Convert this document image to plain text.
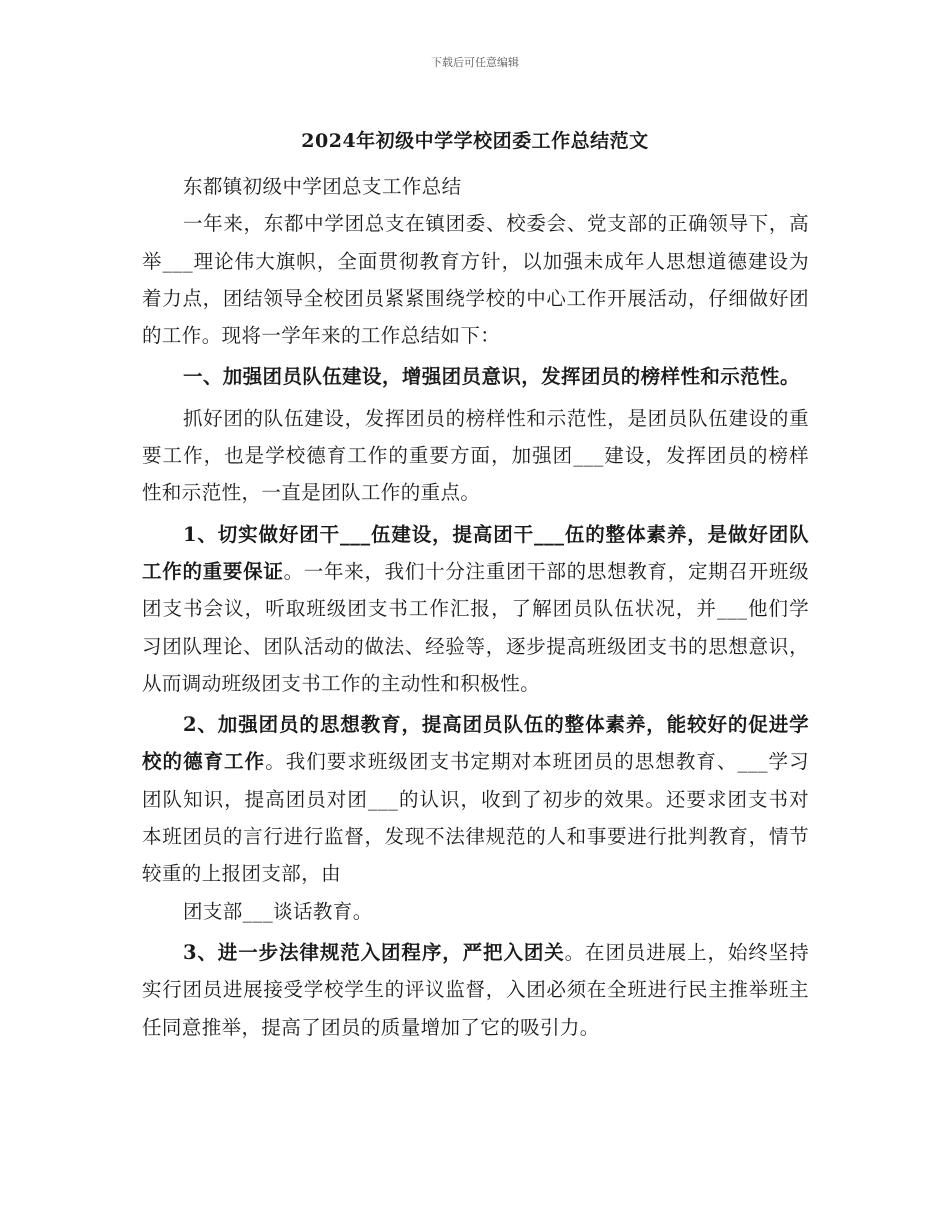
下载后可任意编辑
2024年初级中学学校团委工作总结范文

东都镇初级中学团总支工作总结

一年来，东都中学团总支在镇团委、校委会、党支部的正确领导下，高举___理论伟大旗帜，全面贯彻教育方针，以加强未成年人思想道德建设为着力点，团结领导全校团员紧紧围绕学校的中心工作开展活动，仔细做好团的工作。现将一学年来的工作总结如下：

一、加强团员队伍建设，增强团员意识，发挥团员的榜样性和示范性。

抓好团的队伍建设，发挥团员的榜样性和示范性，是团员队伍建设的重要工作，也是学校德育工作的重要方面，加强团___建设，发挥团员的榜样性和示范性，一直是团队工作的重点。

1、切实做好团干___伍建设，提高团干___伍的整体素养，是做好团队工作的重要保证。一年来，我们十分注重团干部的思想教育，定期召开班级团支书会议，听取班级团支书工作汇报，了解团员队伍状况，并___他们学习团队理论、团队活动的做法、经验等，逐步提高班级团支书的思想意识，从而调动班级团支书工作的主动性和积极性。

2、加强团员的思想教育，提高团员队伍的整体素养，能较好的促进学校的德育工作。我们要求班级团支书定期对本班团员的思想教育、___学习团队知识，提高团员对团___的认识，收到了初步的效果。还要求团支书对本班团员的言行进行监督，发现不法律规范的人和事要进行批判教育，情节较重的上报团支部，由

团支部___谈话教育。

3、进一步法律规范入团程序，严把入团关。在团员进展上，始终坚持实行团员进展接受学校学生的评议监督，入团必须在全班进行民主推举班主任同意推举，提高了团员的质量增加了它的吸引力。
